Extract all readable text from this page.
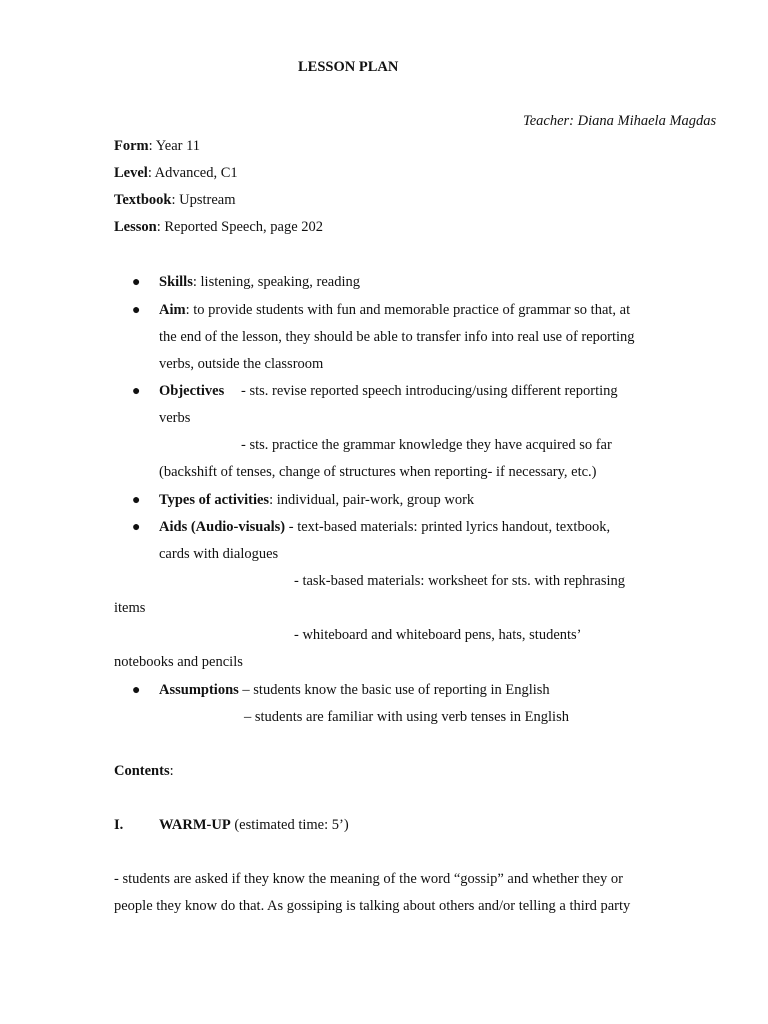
LESSON PLAN
Teacher: Diana Mihaela Magdas
Form: Year 11
Level: Advanced, C1
Textbook: Upstream
Lesson: Reported Speech, page 202
● Skills: listening, speaking, reading
● Aim: to provide students with fun and memorable practice of grammar so that, at
the end of the lesson, they should be able to transfer info into real use of reporting
verbs, outside the classroom
● Objectives - sts. revise reported speech introducing/using different reporting
verbs
- sts. practice the grammar knowledge they have acquired so far
(backshift of tenses, change of structures when reporting- if necessary, etc.)
● Types of activities: individual, pair-work, group work
● Aids (Audio-visuals) - text-based materials: printed lyrics handout, textbook,
cards with dialogues
- task-based materials: worksheet for sts. with rephrasing
items
- whiteboard and whiteboard pens, hats, students’
notebooks and pencils
● Assumptions – students know the basic use of reporting in English
– students are familiar with using verb tenses in English
Contents:
I. WARM-UP (estimated time: 5’)
- students are asked if they know the meaning of the word “gossip” and whether they or
people they know do that. As gossiping is talking about others and/or telling a third party
